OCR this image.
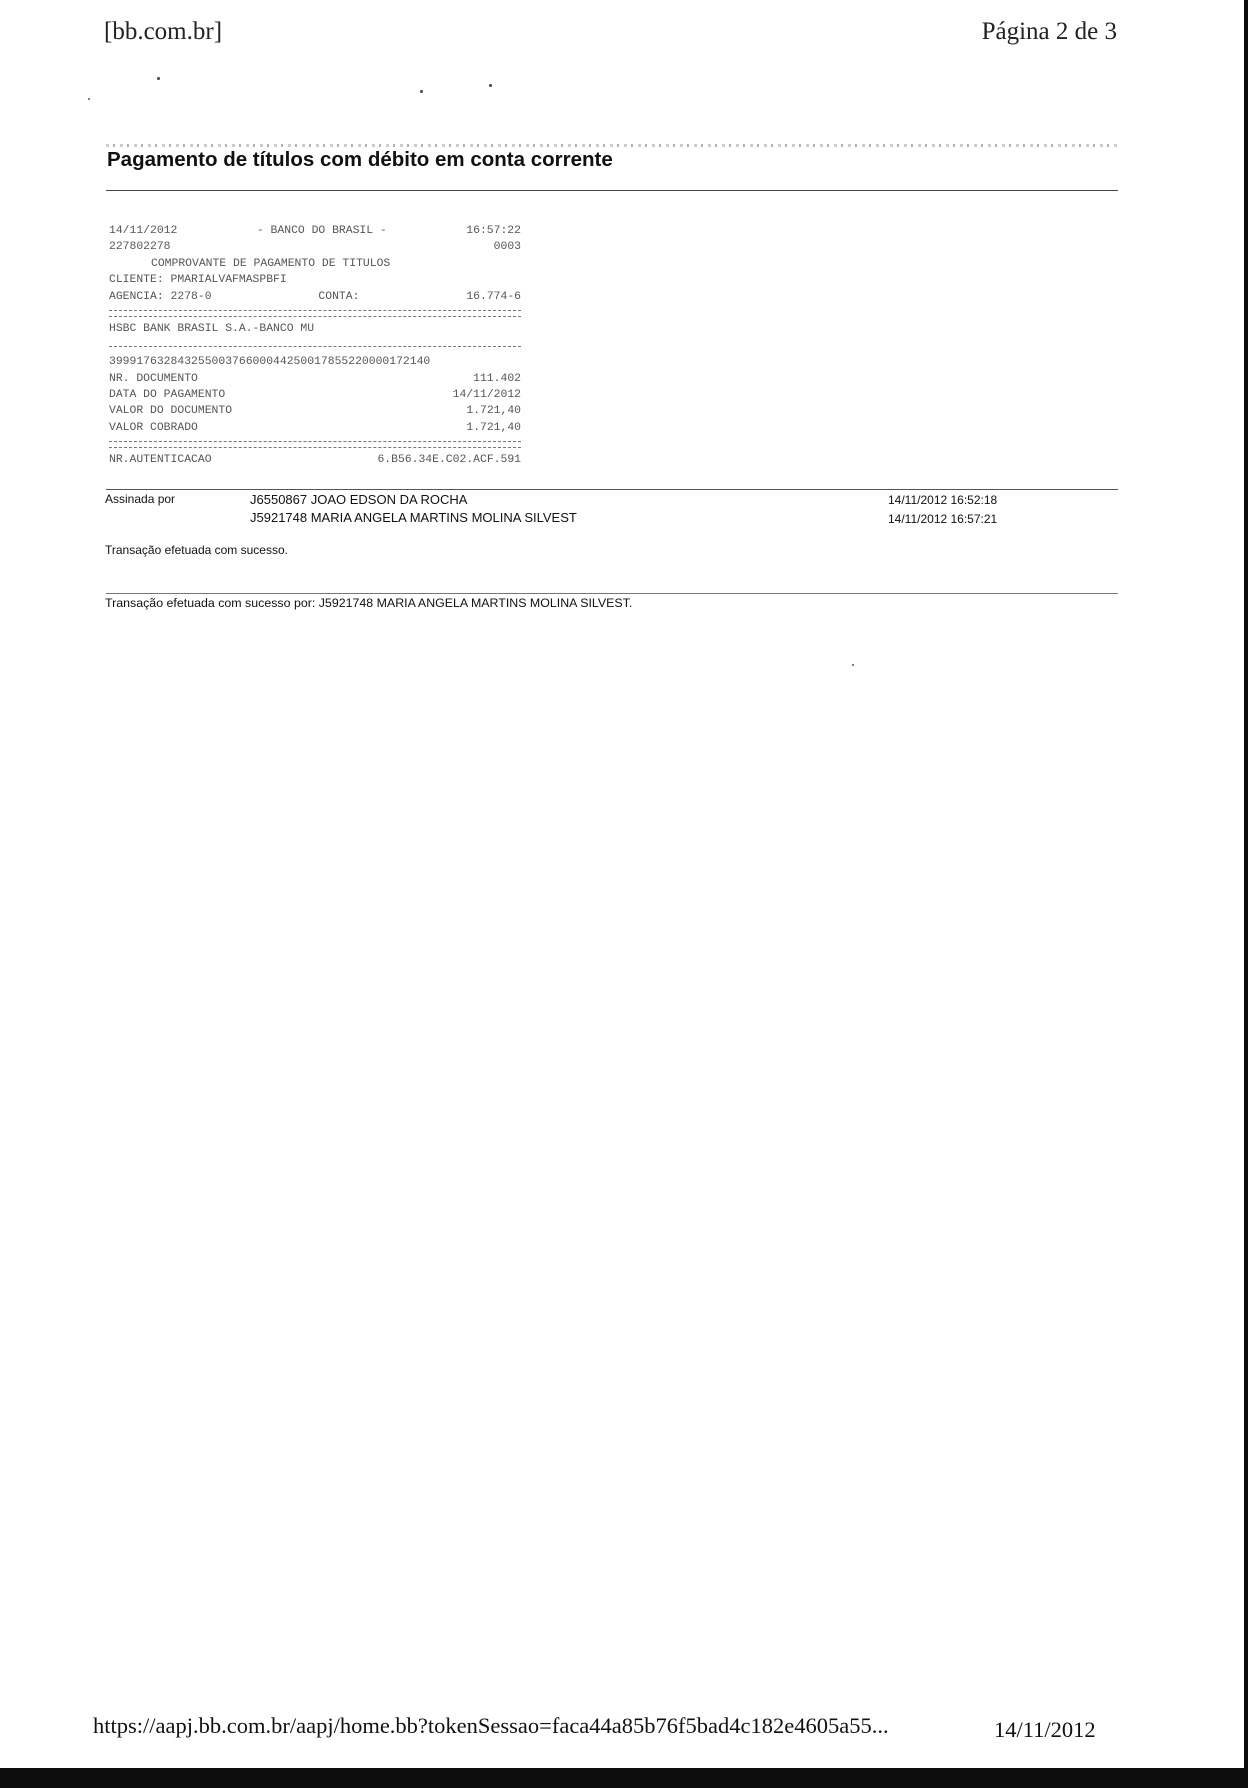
[bb.com.br]	Página 2 de 3
Pagamento de títulos com débito em conta corrente
14/11/2012	- BANCO DO BRASIL -	16:57:22
227802278	0003
COMPROVANTE DE PAGAMENTO DE TITULOS
CLIENTE: PMARIALVAFMASPBFI
AGENCIA: 2278-0	CONTA:	16.774-6
HSBC BANK BRASIL S.A.-BANCO MU
39991763284325500376600044250017855220000172140
NR. DOCUMENTO	111.402
DATA DO PAGAMENTO	14/11/2012
VALOR DO DOCUMENTO	1.721,40
VALOR COBRADO	1.721,40
NR.AUTENTICACAO	6.B56.34E.C02.ACF.591
Assinada por	J6550867 JOAO EDSON DA ROCHA	14/11/2012 16:52:18
J5921748 MARIA ANGELA MARTINS MOLINA SILVEST	14/11/2012 16:57:21
Transação efetuada com sucesso.
Transação efetuada com sucesso por: J5921748 MARIA ANGELA MARTINS MOLINA SILVEST.
https://aapj.bb.com.br/aapj/home.bb?tokenSessao=faca44a85b76f5bad4c182e4605a55...	14/11/2012
